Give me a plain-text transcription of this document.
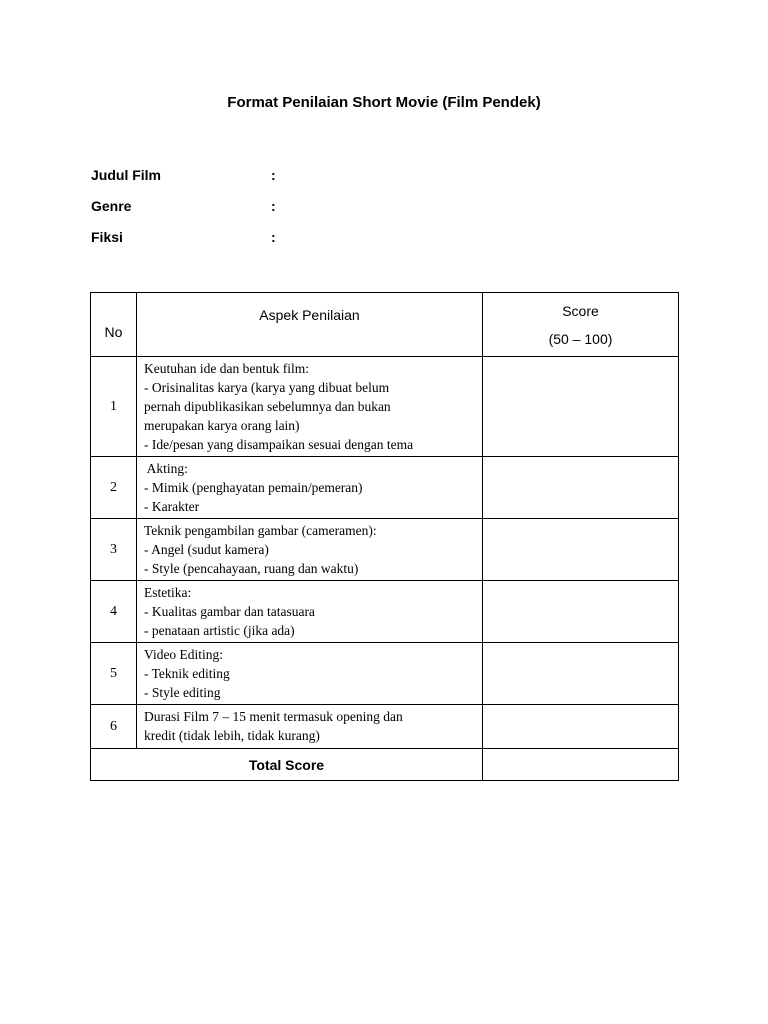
Format Penilaian Short Movie (Film Pendek)
Judul Film	:
Genre	:
Fiksi	:
No	Aspek Penilaian	Score
(50 – 100)

1	Keutuhan ide dan bentuk film:
- Orisinalitas karya (karya yang dibuat belum
pernah dipublikasikan sebelumnya dan bukan
merupakan karya orang lain)
- Ide/pesan yang disampaikan sesuai dengan tema	

2	Akting:
- Mimik (penghayatan pemain/pemeran)
- Karakter	

3	Teknik pengambilan gambar (cameramen):
- Angel (sudut kamera)
- Style (pencahayaan, ruang dan waktu)	

4	Estetika:
- Kualitas gambar dan tatasuara
- penataan artistic (jika ada)	

5	Video Editing:
- Teknik editing
- Style editing	

6	Durasi Film 7 – 15 menit termasuk opening dan
kredit (tidak lebih, tidak kurang)	

Total Score		
